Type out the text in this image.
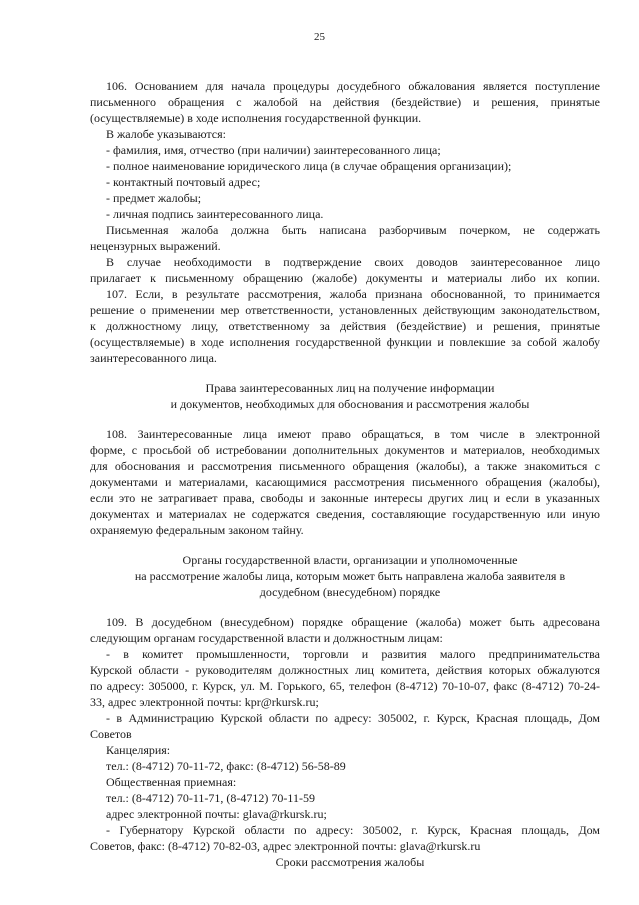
25
106. Основанием для начала процедуры досудебного обжалования является поступление
письменного обращения с жалобой на действия (бездействие) и решения, принятые
(осуществляемые) в ходе исполнения государственной функции.
В жалобе указываются:
- фамилия, имя, отчество (при наличии) заинтересованного лица;
- полное наименование юридического лица (в случае обращения организации);
- контактный почтовый адрес;
- предмет жалобы;
- личная подпись заинтересованного лица.
Письменная жалоба должна быть написана разборчивым почерком, не содержать
нецензурных выражений.
В случае необходимости в подтверждение своих доводов заинтересованное лицо
прилагает к письменному обращению (жалобе) документы и материалы либо их копии.
107. Если, в результате рассмотрения, жалоба признана обоснованной, то принимается
решение о применении мер ответственности, установленных действующим законодательством,
к должностному лицу, ответственному за действия (бездействие) и решения, принятые
(осуществляемые) в ходе исполнения государственной функции и повлекшие за собой жалобу
заинтересованного лица.
Права заинтересованных лиц на получение информации
и документов, необходимых для обоснования и рассмотрения жалобы
108. Заинтересованные лица имеют право обращаться, в том числе в электронной
форме, с просьбой об истребовании дополнительных документов и материалов, необходимых
для обоснования и рассмотрения письменного обращения (жалобы), а также знакомиться с
документами и материалами, касающимися рассмотрения письменного обращения (жалобы),
если это не затрагивает права, свободы и законные интересы других лиц и если в указанных
документах и материалах не содержатся сведения, составляющие государственную или иную
охраняемую федеральным законом тайну.
Органы государственной власти, организации и уполномоченные
на рассмотрение жалобы лица, которым может быть направлена жалоба заявителя в
досудебном (внесудебном) порядке
109. В досудебном (внесудебном) порядке обращение (жалоба) может быть адресована
следующим органам государственной власти и должностным лицам:
- в комитет промышленности, торговли и развития малого предпринимательства
Курской области - руководителям должностных лиц комитета, действия которых обжалуются
по адресу: 305000, г. Курск, ул. М. Горького, 65, телефон (8-4712) 70-10-07, факс (8-4712) 70-24-
33, адрес электронной почты: kpr@rkursk.ru;
- в Администрацию Курской области по адресу: 305002, г. Курск, Красная площадь, Дом
Советов
Канцелярия:
тел.: (8-4712) 70-11-72, факс: (8-4712) 56-58-89
Общественная приемная:
тел.: (8-4712) 70-11-71, (8-4712) 70-11-59
адрес электронной почты: glava@rkursk.ru;
- Губернатору Курской области по адресу: 305002, г. Курск, Красная площадь, Дом
Советов, факс: (8-4712) 70-82-03, адрес электронной почты: glava@rkursk.ru
Сроки рассмотрения жалобы
